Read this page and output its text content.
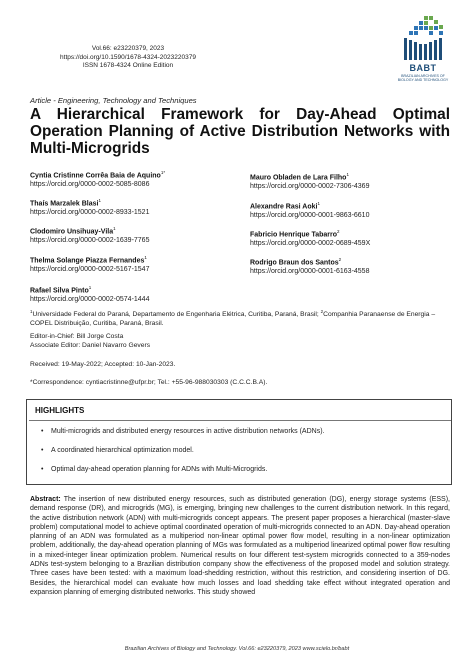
Vol.66: e23220379, 2023
https://doi.org/10.1590/1678-4324-2023220379
ISSN 1678-4324 Online Edition	BABT
BRAZILIAN ARCHIVES OF
BIOLOGY AND TECHNOLOGY
Article - Engineering, Technology and Techniques
A Hierarchical Framework for Day-Ahead Optimal Operation Planning of Active Distribution Networks with Multi-Microgrids
Cyntia Cristinne Corrêa Baia de Aquino$^{1*}$
https://orcid.org/0000-0002-5085-8086
Thaís Marzalek Blasi$^1$
https://orcid.org/0000-0002-8933-1521
Clodomiro Unsihuay-Vila$^1$
https://orcid.org/0000-0002-1639-7765
Thelma Solange Piazza Fernandes$^1$
https://orcid.org/0000-0002-5167-1547
Rafael Silva Pinto$^1$
https://orcid.org/0000-0002-0574-1444
Mauro Obladen de Lara Filho$^1$
https://orcid.org/0000-0002-7306-4369
Alexandre Rasi Aoki$^1$
https://orcid.org/0000-0001-9863-6610
Fabricio Henrique Tabarro$^2$
https://orcid.org/0000-0002-0689-459X
Rodrigo Braun dos Santos$^2$
https://orcid.org/0000-0001-6163-4558
$^1$Universidade Federal do Paraná, Departamento de Engenharia Elétrica, Curitiba, Paraná, Brasil; $^2$Companhia Paranaense de Energia – COPEL Distribuição, Curitiba, Paraná, Brasil.
Editor-in-Chief: Bill Jorge Costa
Associate Editor: Daniel Navarro Gevers
Received: 19-May-2022; Accepted: 10-Jan-2023.
*Correspondence: cyntiacristinne@ufpr.br; Tel.: +55-96-988030303 (C.C.C.B.A).
HIGHLIGHTS
• Multi-microgrids and distributed energy resources in active distribution networks (ADNs).
• A coordinated hierarchical optimization model.
• Optimal day-ahead operation planning for ADNs with Multi-Microgrids.
Abstract: The insertion of new distributed energy resources, such as distributed generation (DG), energy storage systems (ESS), demand response (DR), and microgrids (MG), is emerging, bringing new challenges to the current distribution network. In this regard, the active distribution network (ADN) with multi-microgrids concept appears. The present paper proposes a hierarchical (master-slave problem) computational model to achieve optimal coordinated operation of multi-microgrids connected to an ADN. Day-ahead operation planning of an ADN was formulated as a multiperiod non-linear optimal power flow model, resulting in a non-linear optimization problem, additionally, the day-ahead operation planning of MGs was formulated as a multiperiod linearized optimal power flow resulting in a mixed-integer linear optimization problem. Numerical results on four different test-system microgrids connected to a 359-nodes ADNs test-system belonging to a Brazilian distribution company show the effectiveness of the proposed model and solution strategy. Three cases have been tested: with a maximum load-shedding restriction, without this restriction, and considering insertion of DG. Besides, the hierarchical model can evaluate how much losses and load shedding take effect without integrated operation and expansion planning of emerging distributed networks. This study showed
Brazilian Archives of Biology and Technology. Vol.66: e23220379, 2023 www.scielo.br/babt
